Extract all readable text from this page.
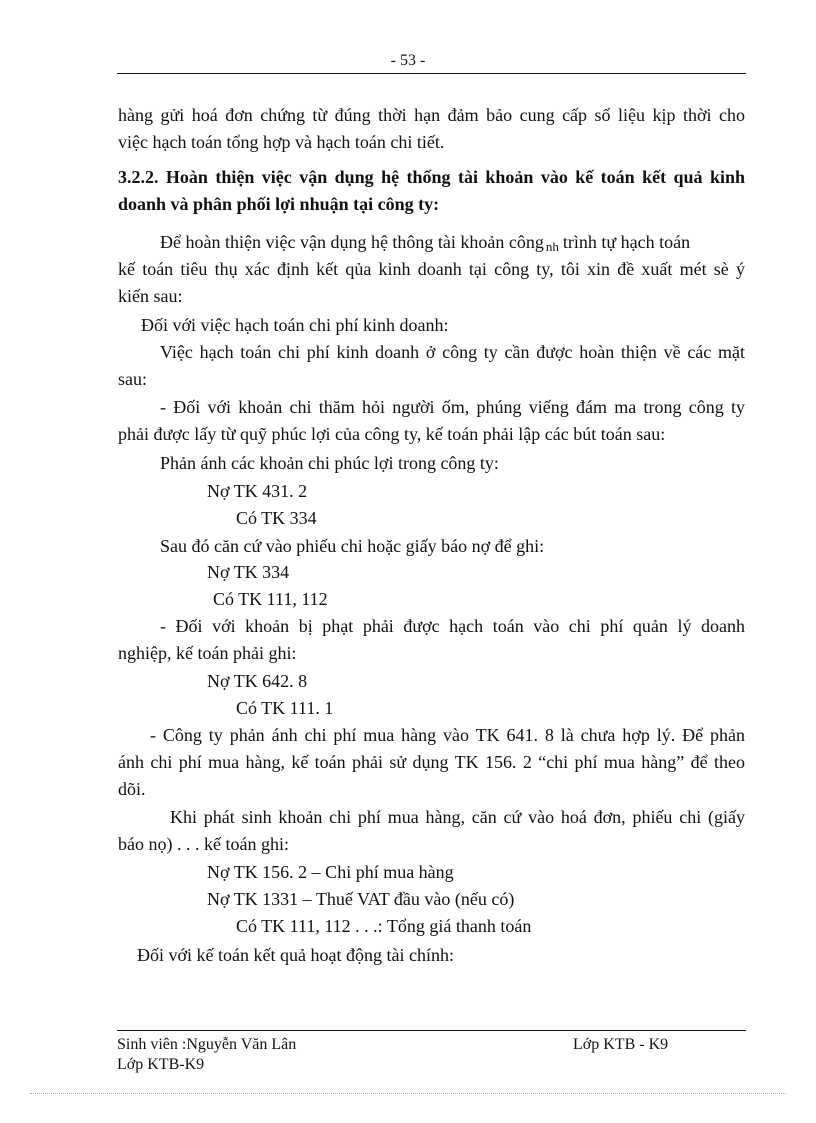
- 53 -
hàng gửi hoá đơn chứng từ đúng thời hạn đảm bảo cung cấp số liệu kịp thời cho
việc hạch toán tổng hợp và hạch toán chi tiết.
3.2.2. Hoàn thiện việc vận dụng hệ thống tài khoản vào kế toán kết quả kinh
doanh và phân phối lợi nhuận tại công ty:
Để hoàn thiện việc vận dụng hệ thông tài khoản công nh trình tự hạch toán
kế toán tiêu thụ xác định kết qủa kinh doanh tại công ty, tôi xin đề xuất mét sè ý
kiến sau:
Đối với việc hạch toán chi phí kinh doanh:
Việc hạch toán chi phí kinh doanh ở công ty cần được hoàn thiện về các mặt
sau:
- Đối với khoản chi thăm hỏi người ốm, phúng viếng đám ma trong công ty
phải được lấy từ quỹ phúc lợi của công ty, kế toán phải lập các bút toán sau:
Phản ánh các khoản chi phúc lợi trong công ty:
Nợ TK 431. 2
Có TK 334
Sau đó căn cứ vào phiếu chi hoặc giấy báo nợ để ghi:
Nợ TK 334
Có TK 111, 112
- Đối với khoản bị phạt phải được hạch toán vào chi phí quản lý doanh
nghiệp, kế toán phải ghi:
Nợ TK 642. 8
Có TK 111. 1
- Công ty phản ánh chi phí mua hàng vào TK 641. 8 là chưa hợp lý. Để phản
ánh chi phí mua hàng, kế toán phải sử dụng TK 156. 2 “chi phí mua hàng” để theo
dõi.
Khi phát sinh khoản chi phí mua hàng, căn cứ vào hoá đơn, phiếu chi (giấy
báo nọ) . . . kế toán ghi:
Nợ TK 156. 2 – Chi phí mua hàng
Nợ TK 1331 – Thuế VAT đầu vào (nếu có)
Có TK 111, 112 . . .: Tổng giá thanh toán
Đối với kế toán kết quả hoạt động tài chính:
Sinh viên :Nguyễn Văn Lân	Lớp KTB - K9
Lớp KTB-K9
